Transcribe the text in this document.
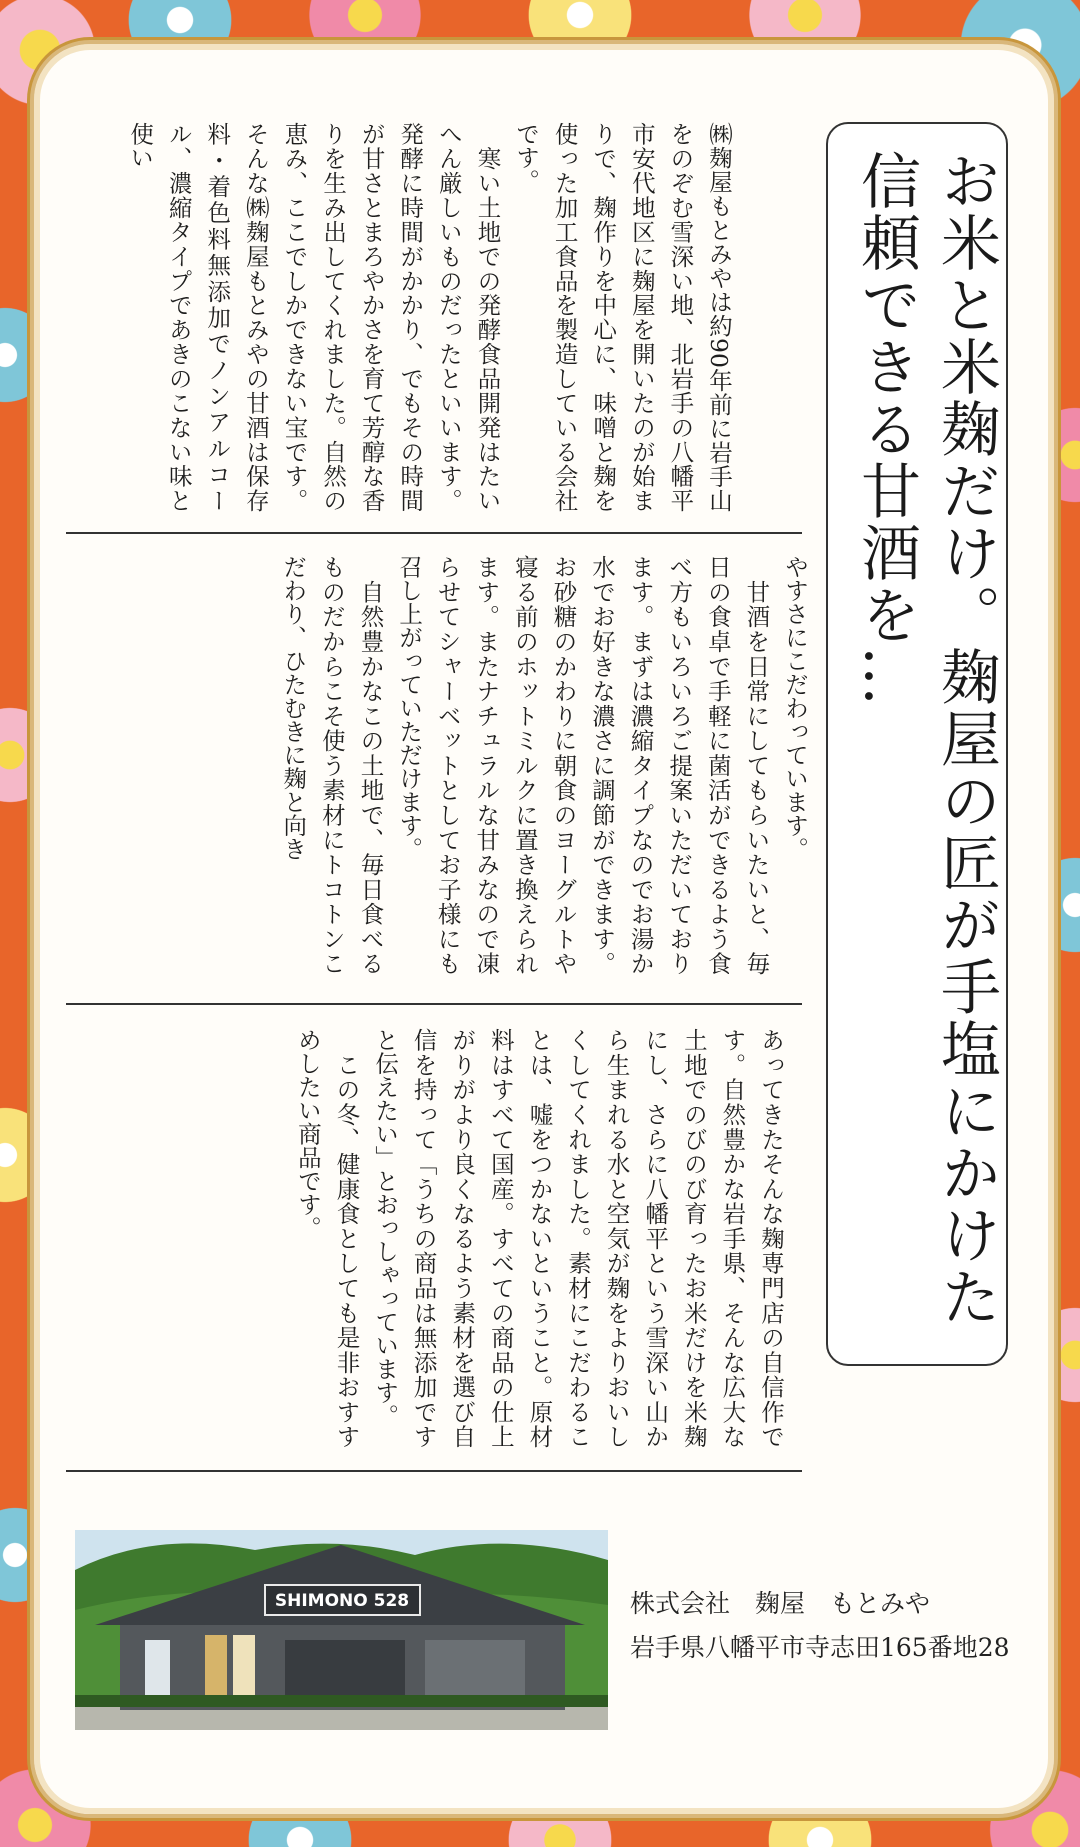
お米と米麹だけ。麹屋の匠が手塩にかけた信頼できる甘酒を…
㈱麹屋もとみやは約90年前に岩手山をのぞむ雪深い地、北岩手の八幡平市安代地区に麹屋を開いたのが始まりで、麹作りを中心に、味噌と麹を使った加工食品を製造している会社です。
　寒い土地での発酵食品開発はたいへん厳しいものだったといいます。発酵に時間がかかり、でもその時間が甘さとまろやかさを育て芳醇な香りを生み出してくれました。自然の恵み、ここでしかできない宝です。そんな㈱麹屋もとみやの甘酒は保存料・着色料無添加でノンアルコール、濃縮タイプであきのこない味と使い
やすさにこだわっています。
　甘酒を日常にしてもらいたいと、毎日の食卓で手軽に菌活ができるよう食べ方もいろいろご提案いただいております。まずは濃縮タイプなのでお湯か水でお好きな濃さに調節ができます。お砂糖のかわりに朝食のヨーグルトや寝る前のホットミルクに置き換えられます。またナチュラルな甘みなので凍らせてシャーベットとしてお子様にも召し上がっていただけます。
　自然豊かなこの土地で、毎日食べるものだからこそ使う素材にトコトンこだわり、ひたむきに麹と向き
あってきたそんな麹専門店の自信作です。自然豊かな岩手県、そんな広大な土地でのびのび育ったお米だけを米麹にし、さらに八幡平という雪深い山から生まれる水と空気が麹をよりおいしくしてくれました。素材にこだわることは、嘘をつかないということ。原材料はすべて国産。すべての商品の仕上がりがより良くなるよう素材を選び自信を持って「うちの商品は無添加ですと伝えたい」とおっしゃっています。
　この冬、健康食としても是非おすすめしたい商品です。
SHIMONO 528	株式会社　麹屋　もとみや
岩手県八幡平市寺志田165番地28
